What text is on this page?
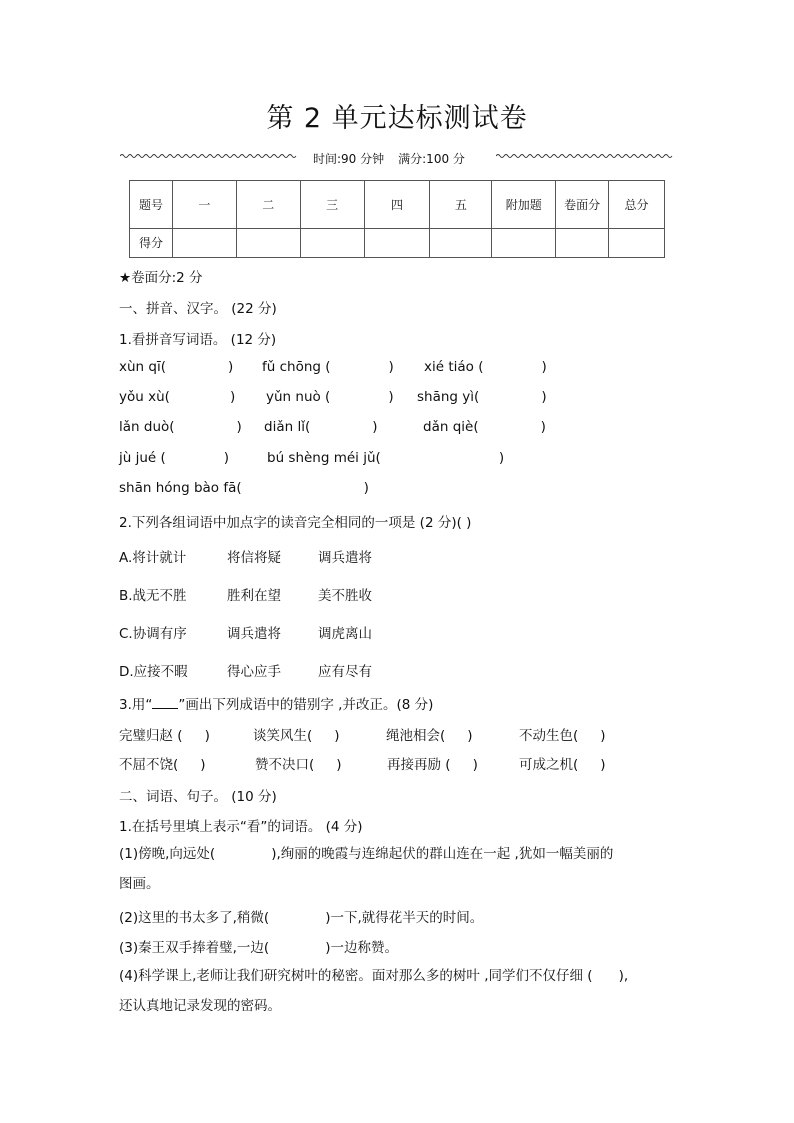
第 2 单元达标测试卷
时间:90 分钟 满分:100 分
题号	一	二	三	四	五	附加题	卷面分	总分
得分								
★卷面分:2 分
一、拼音、汉字。 (22 分)
1.看拼音写词语。 (12 分)
xùn qī(	) fǔ chōng (	) xié tiáo (	)
yǒu xù(	) yǔn nuò (	) shāng yì(	)
lǎn duò(	) diǎn lǐ(	)	dǎn qiè(	)
jù jué (	)	bú shèng méi jǔ(	)
shān hóng bào fā(	)
2.下列各组词语中加点字的读音完全相同的一项是 (2 分)( )
A.将计就计	将信将疑	调兵遣将
B.战无不胜	胜利在望	美不胜收
C.协调有序	调兵遣将	调虎离山
D.应接不暇	得心应手	应有尽有
3.用“ ”画出下列成语中的错别字 ,并改正。(8 分)
完璧归赵 ( )	谈笑风生( )	绳池相会( )	不动生色( )
不屈不饶( )	赞不决口( )	再接再励 ( )	可成之机( )
二、词语、句子。 (10 分)
1.在括号里填上表示“看”的词语。 (4 分)
(1)傍晚,向远处(	),绚丽的晚霞与连绵起伏的群山连在一起 ,犹如一幅美丽的
图画。
(2)这里的书太多了,稍微(	)一下,就得花半天的时间。
(3)秦王双手捧着璧,一边(	)一边称赞。
(4)科学课上,老师让我们研究树叶的秘密。面对那么多的树叶 ,同学们不仅仔细 ( ),
还认真地记录发现的密码。
